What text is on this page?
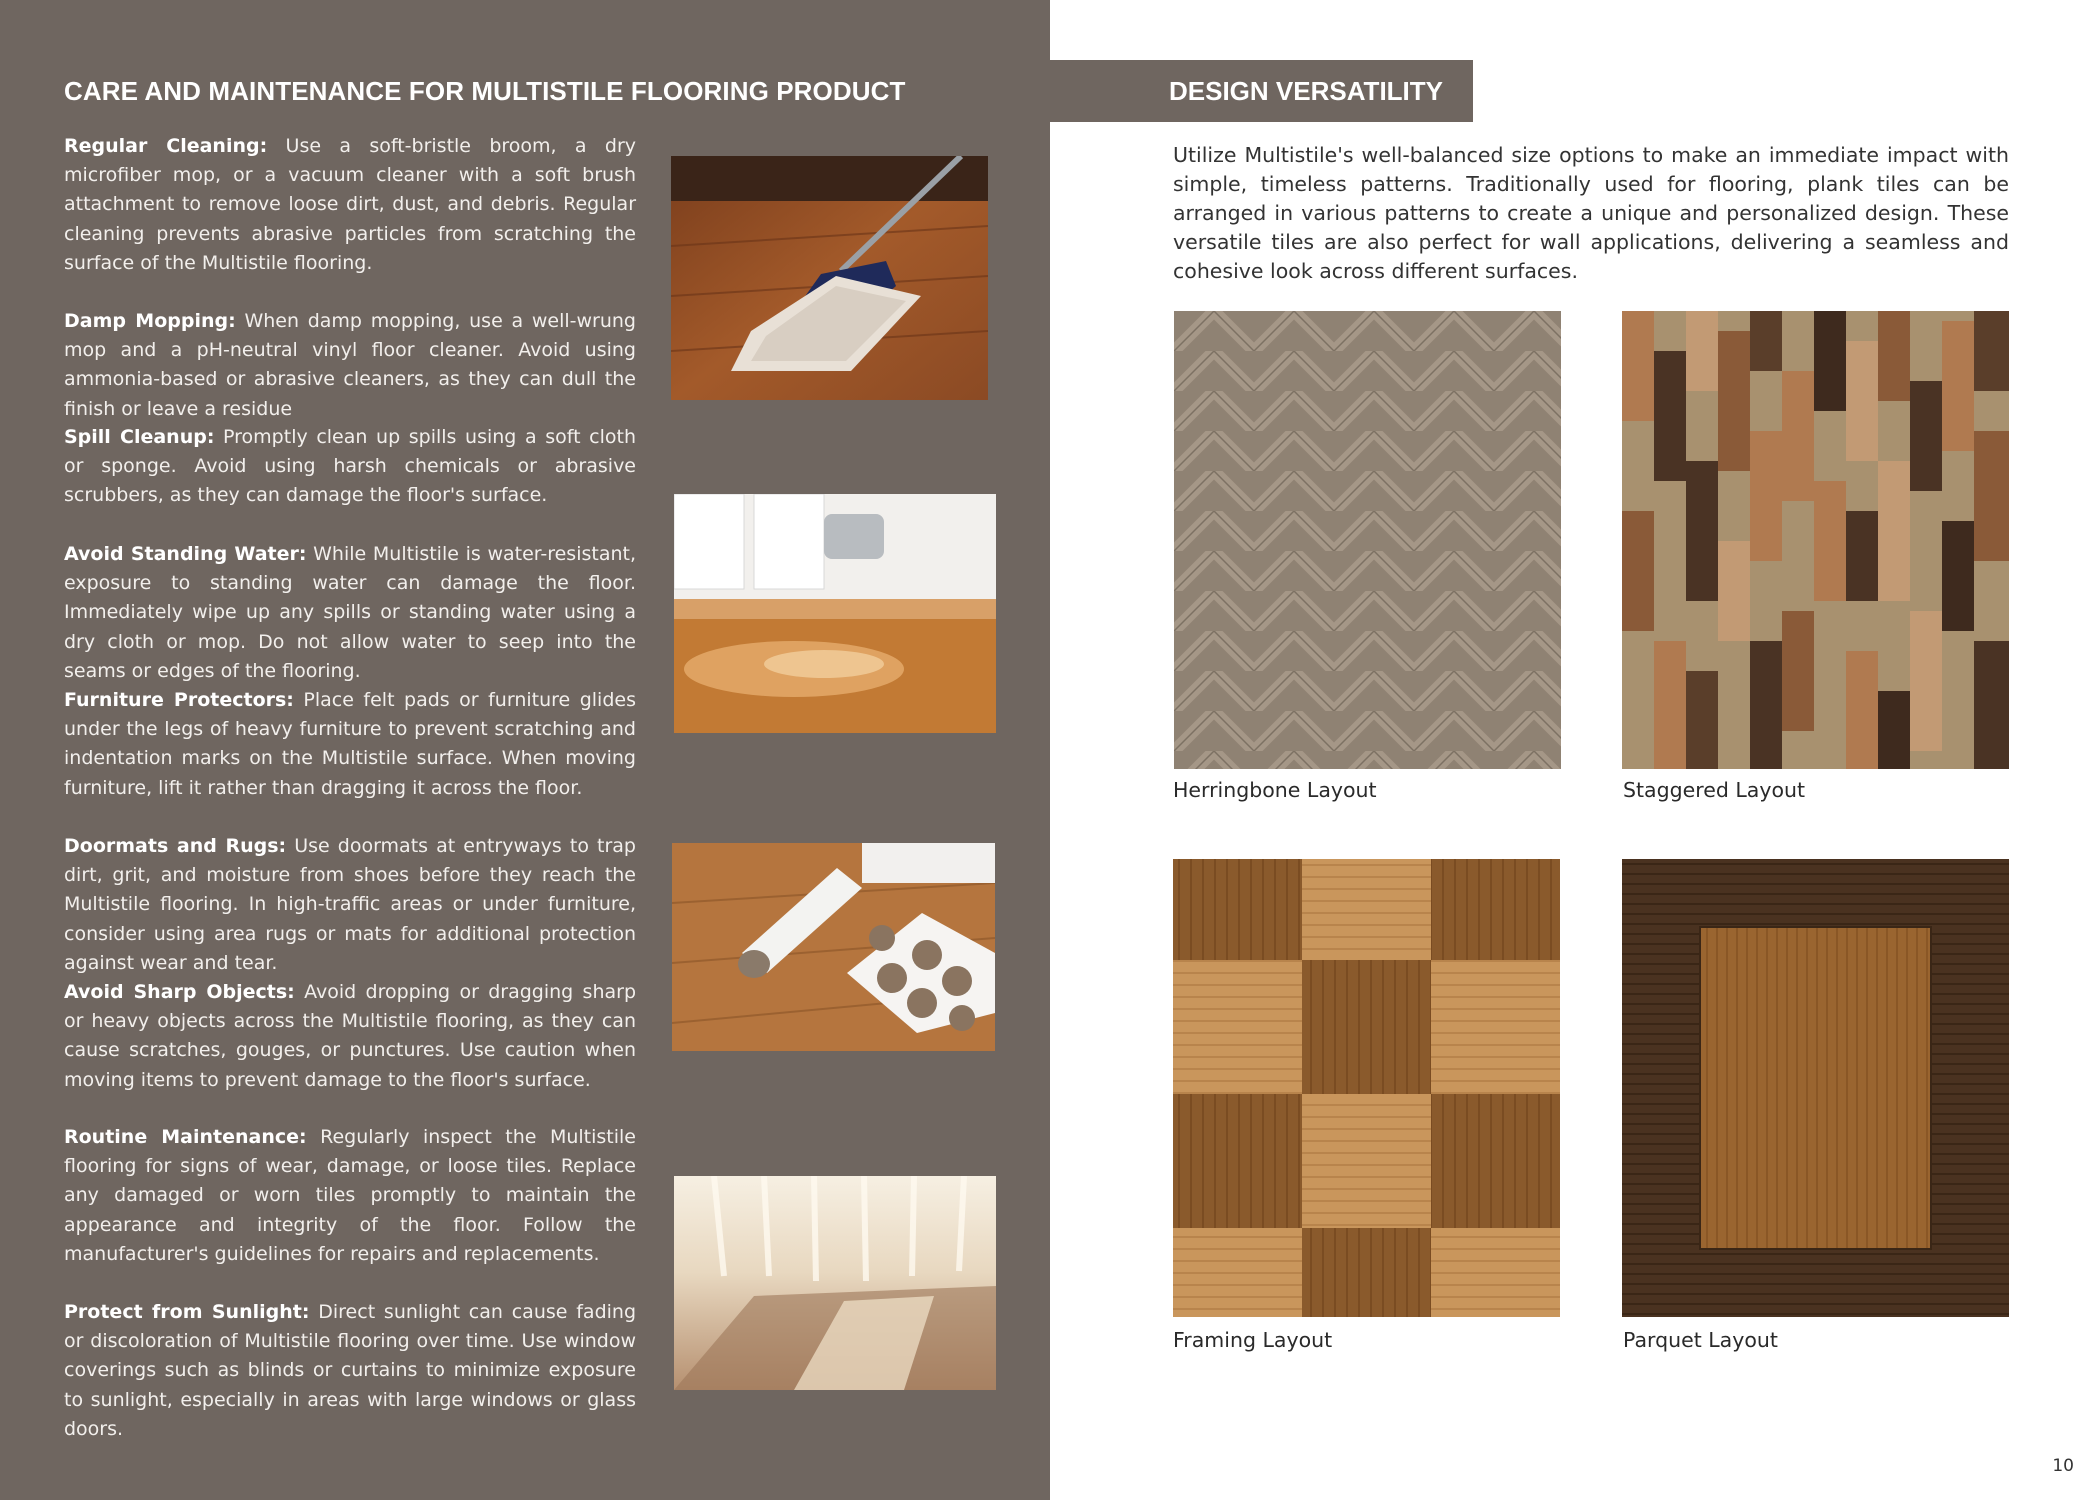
CARE AND MAINTENANCE FOR MULTISTILE FLOORING PRODUCT

Regular Cleaning: Use a soft-bristle broom, a dry microfiber mop, or a vacuum cleaner with a soft brush attachment to remove loose dirt, dust, and debris. Regular cleaning prevents abrasive particles from scratching the surface of the Multistile flooring.

Damp Mopping: When damp mopping, use a well-wrung mop and a pH-neutral vinyl floor cleaner. Avoid using ammonia-based or abrasive cleaners, as they can dull the finish or leave a residue

Spill Cleanup: Promptly clean up spills using a soft cloth or sponge. Avoid using harsh chemicals or abrasive scrubbers, as they can damage the floor's surface.

Avoid Standing Water: While Multistile is water-resistant, exposure to standing water can damage the floor. Immediately wipe up any spills or standing water using a dry cloth or mop. Do not allow water to seep into the seams or edges of the flooring.

Furniture Protectors: Place felt pads or furniture glides under the legs of heavy furniture to prevent scratching and indentation marks on the Multistile surface. When moving furniture, lift it rather than dragging it across the floor.

Doormats and Rugs: Use doormats at entryways to trap dirt, grit, and moisture from shoes before they reach the Multistile flooring. In high-traffic areas or under furniture, consider using area rugs or mats for additional protection against wear and tear.

Avoid Sharp Objects: Avoid dropping or dragging sharp or heavy objects across the Multistile flooring, as they can cause scratches, gouges, or punctures. Use caution when moving items to prevent damage to the floor's surface.

Routine Maintenance: Regularly inspect the Multistile flooring for signs of wear, damage, or loose tiles. Replace any damaged or worn tiles promptly to maintain the appearance and integrity of the floor. Follow the manufacturer's guidelines for repairs and replacements.

Protect from Sunlight: Direct sunlight can cause fading or discoloration of Multistile flooring over time. Use window coverings such as blinds or curtains to minimize exposure to sunlight, especially in areas with large windows or glass doors.

DESIGN VERSATILITY

Utilize Multistile's well-balanced size options to make an immediate impact with simple, timeless patterns. Traditionally used for flooring, plank tiles can be arranged in various patterns to create a unique and personalized design. These versatile tiles are also perfect for wall applications, delivering a seamless and cohesive look across different surfaces.

Herringbone Layout	Staggered Layout

Framing Layout	Parquet Layout

10
